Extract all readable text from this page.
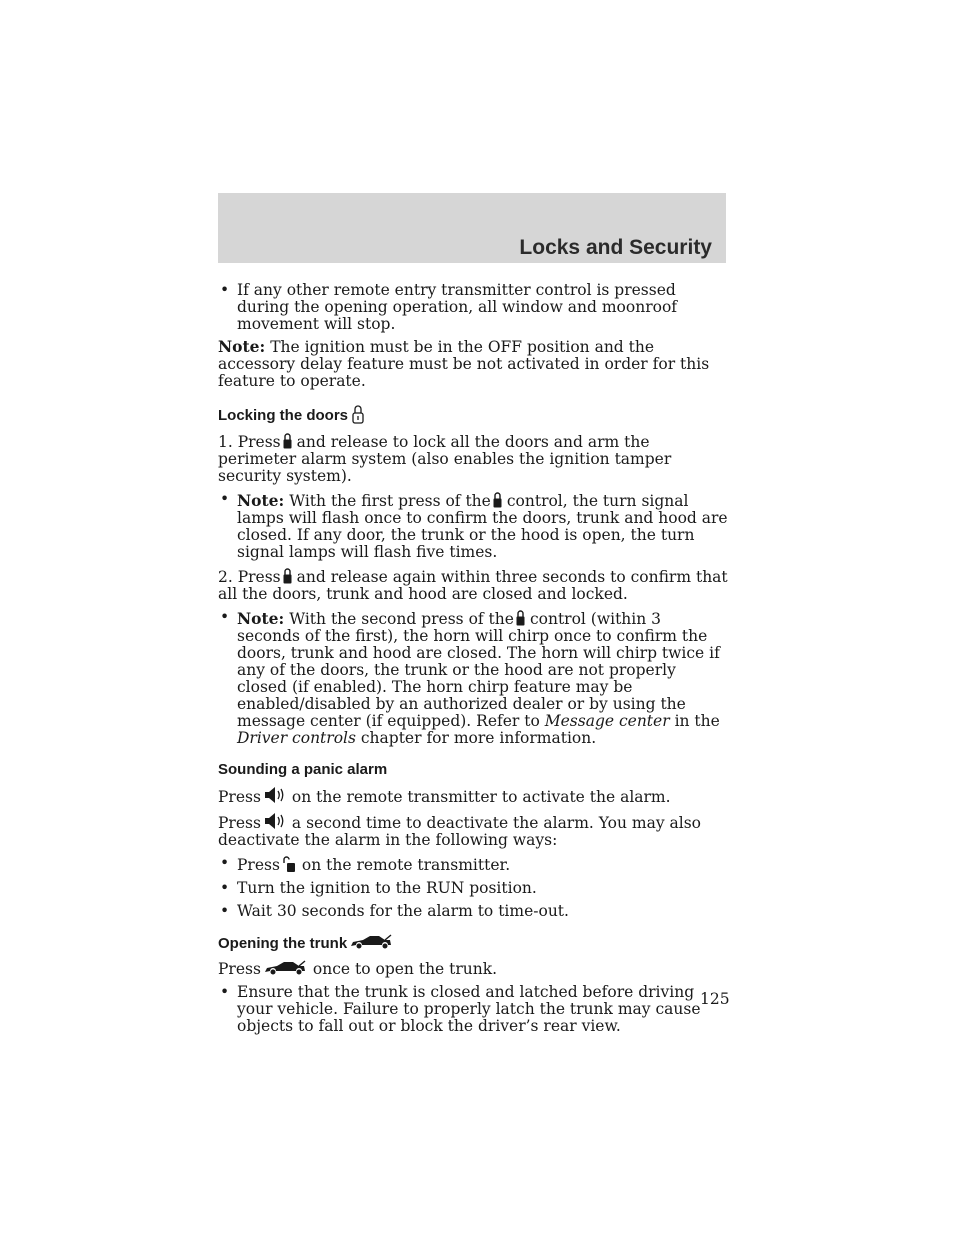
Locks and Security

• If any other remote entry transmitter control is pressed during the opening operation, all window and moonroof movement will stop.

Note: The ignition must be in the OFF position and the accessory delay feature must be not activated in order for this feature to operate.

Locking the doors

1. Press and release to lock all the doors and arm the perimeter alarm system (also enables the ignition tamper security system).

• Note: With the first press of the control, the turn signal lamps will flash once to confirm the doors, trunk and hood are closed. If any door, the trunk or the hood is open, the turn signal lamps will flash five times.

2. Press and release again within three seconds to confirm that all the doors, trunk and hood are closed and locked.

• Note: With the second press of the control (within 3 seconds of the first), the horn will chirp once to confirm the doors, trunk and hood are closed. The horn will chirp twice if any of the doors, the trunk or the hood are not properly closed (if enabled). The horn chirp feature may be enabled/disabled by an authorized dealer or by using the message center (if equipped). Refer to Message center in the Driver controls chapter for more information.

Sounding a panic alarm

Press on the remote transmitter to activate the alarm.

Press a second time to deactivate the alarm. You may also deactivate the alarm in the following ways:

• Press on the remote transmitter.

• Turn the ignition to the RUN position.

• Wait 30 seconds for the alarm to time-out.

Opening the trunk

Press	once to open the trunk.

• Ensure that the trunk is closed and latched before driving your vehicle. Failure to properly latch the trunk may cause objects to fall out or block the driver’s rear view.

125
